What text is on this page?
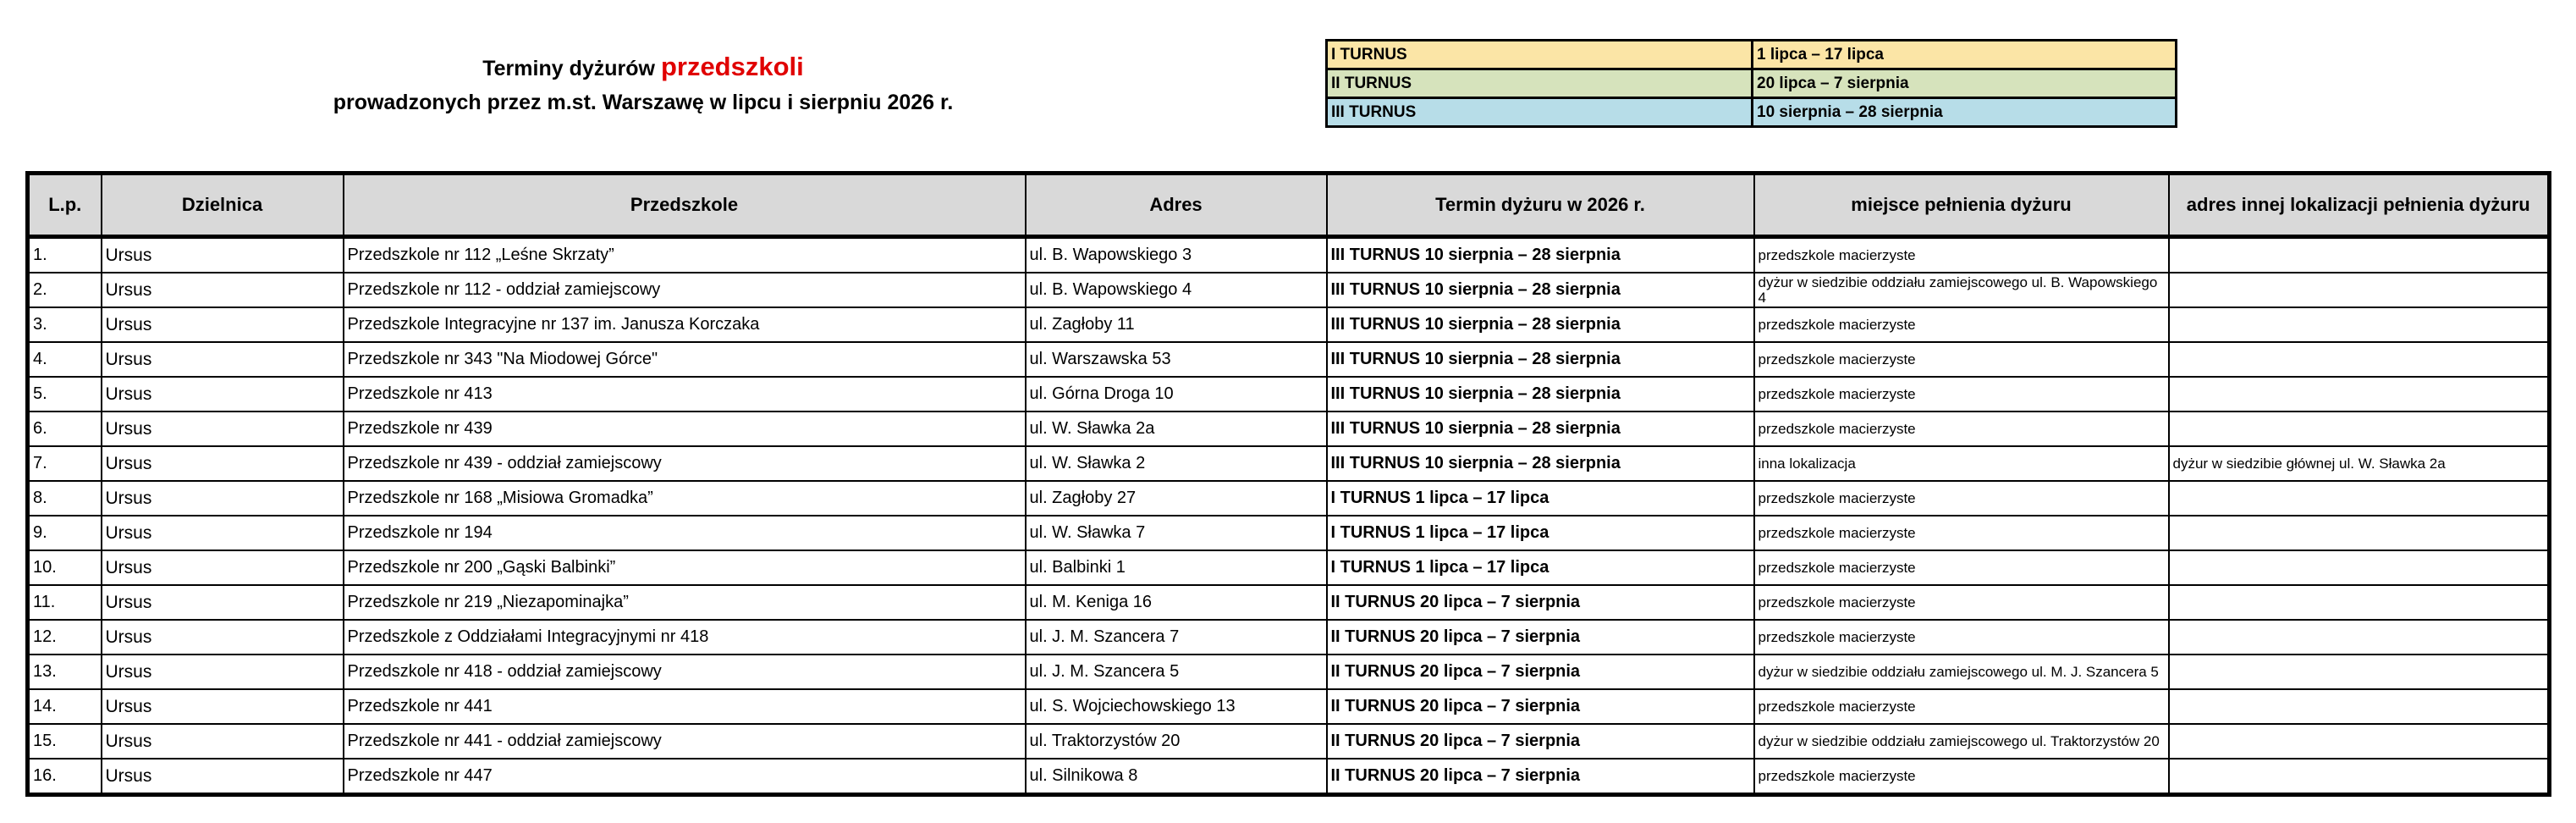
Terminy dyżurów przedszkoli
prowadzonych przez m.st. Warszawę w lipcu i sierpniu 2026 r.
I TURNUS	1 lipca – 17 lipca
II TURNUS	20 lipca – 7 sierpnia
III TURNUS	10 sierpnia – 28 sierpnia
L.p.	Dzielnica	Przedszkole	Adres	Termin dyżuru w 2026 r.	miejsce pełnienia dyżuru	adres innej lokalizacji pełnienia dyżuru
1.	Ursus	Przedszkole nr 112 „Leśne Skrzaty”	ul. B. Wapowskiego 3	III TURNUS 10 sierpnia – 28 sierpnia	przedszkole macierzyste	
2.	Ursus	Przedszkole nr 112 - oddział zamiejscowy	ul. B. Wapowskiego 4	III TURNUS 10 sierpnia – 28 sierpnia	dyżur w siedzibie oddziału zamiejscowego ul. B. Wapowskiego 4	
3.	Ursus	Przedszkole Integracyjne nr 137 im. Janusza Korczaka	ul. Zagłoby 11	III TURNUS 10 sierpnia – 28 sierpnia	przedszkole macierzyste	
4.	Ursus	Przedszkole nr 343 "Na Miodowej Górce"	ul. Warszawska 53	III TURNUS 10 sierpnia – 28 sierpnia	przedszkole macierzyste	
5.	Ursus	Przedszkole nr 413	ul. Górna Droga 10	III TURNUS 10 sierpnia – 28 sierpnia	przedszkole macierzyste	
6.	Ursus	Przedszkole nr 439	ul. W. Sławka 2a	III TURNUS 10 sierpnia – 28 sierpnia	przedszkole macierzyste	
7.	Ursus	Przedszkole nr 439 - oddział zamiejscowy	ul. W. Sławka 2	III TURNUS 10 sierpnia – 28 sierpnia	inna lokalizacja	dyżur w siedzibie głównej ul. W. Sławka 2a
8.	Ursus	Przedszkole nr 168 „Misiowa Gromadka”	ul. Zagłoby 27	I TURNUS 1 lipca – 17 lipca	przedszkole macierzyste	
9.	Ursus	Przedszkole nr 194	ul. W. Sławka 7	I TURNUS 1 lipca – 17 lipca	przedszkole macierzyste	
10.	Ursus	Przedszkole nr 200 „Gąski Balbinki”	ul. Balbinki 1	I TURNUS 1 lipca – 17 lipca	przedszkole macierzyste	
11.	Ursus	Przedszkole nr 219 „Niezapominajka”	ul. M. Keniga 16	II TURNUS 20 lipca – 7 sierpnia	przedszkole macierzyste	
12.	Ursus	Przedszkole z Oddziałami Integracyjnymi nr 418	ul. J. M. Szancera 7	II TURNUS 20 lipca – 7 sierpnia	przedszkole macierzyste	
13.	Ursus	Przedszkole nr 418 - oddział zamiejscowy	ul. J. M. Szancera 5	II TURNUS 20 lipca – 7 sierpnia	dyżur w siedzibie oddziału zamiejscowego ul. M. J. Szancera 5	
14.	Ursus	Przedszkole nr 441	ul. S. Wojciechowskiego 13	II TURNUS 20 lipca – 7 sierpnia	przedszkole macierzyste	
15.	Ursus	Przedszkole nr 441 - oddział zamiejscowy	ul. Traktorzystów 20	II TURNUS 20 lipca – 7 sierpnia	dyżur w siedzibie oddziału zamiejscowego ul. Traktorzystów 20	
16.	Ursus	Przedszkole nr 447	ul. Silnikowa 8	II TURNUS 20 lipca – 7 sierpnia	przedszkole macierzyste	
